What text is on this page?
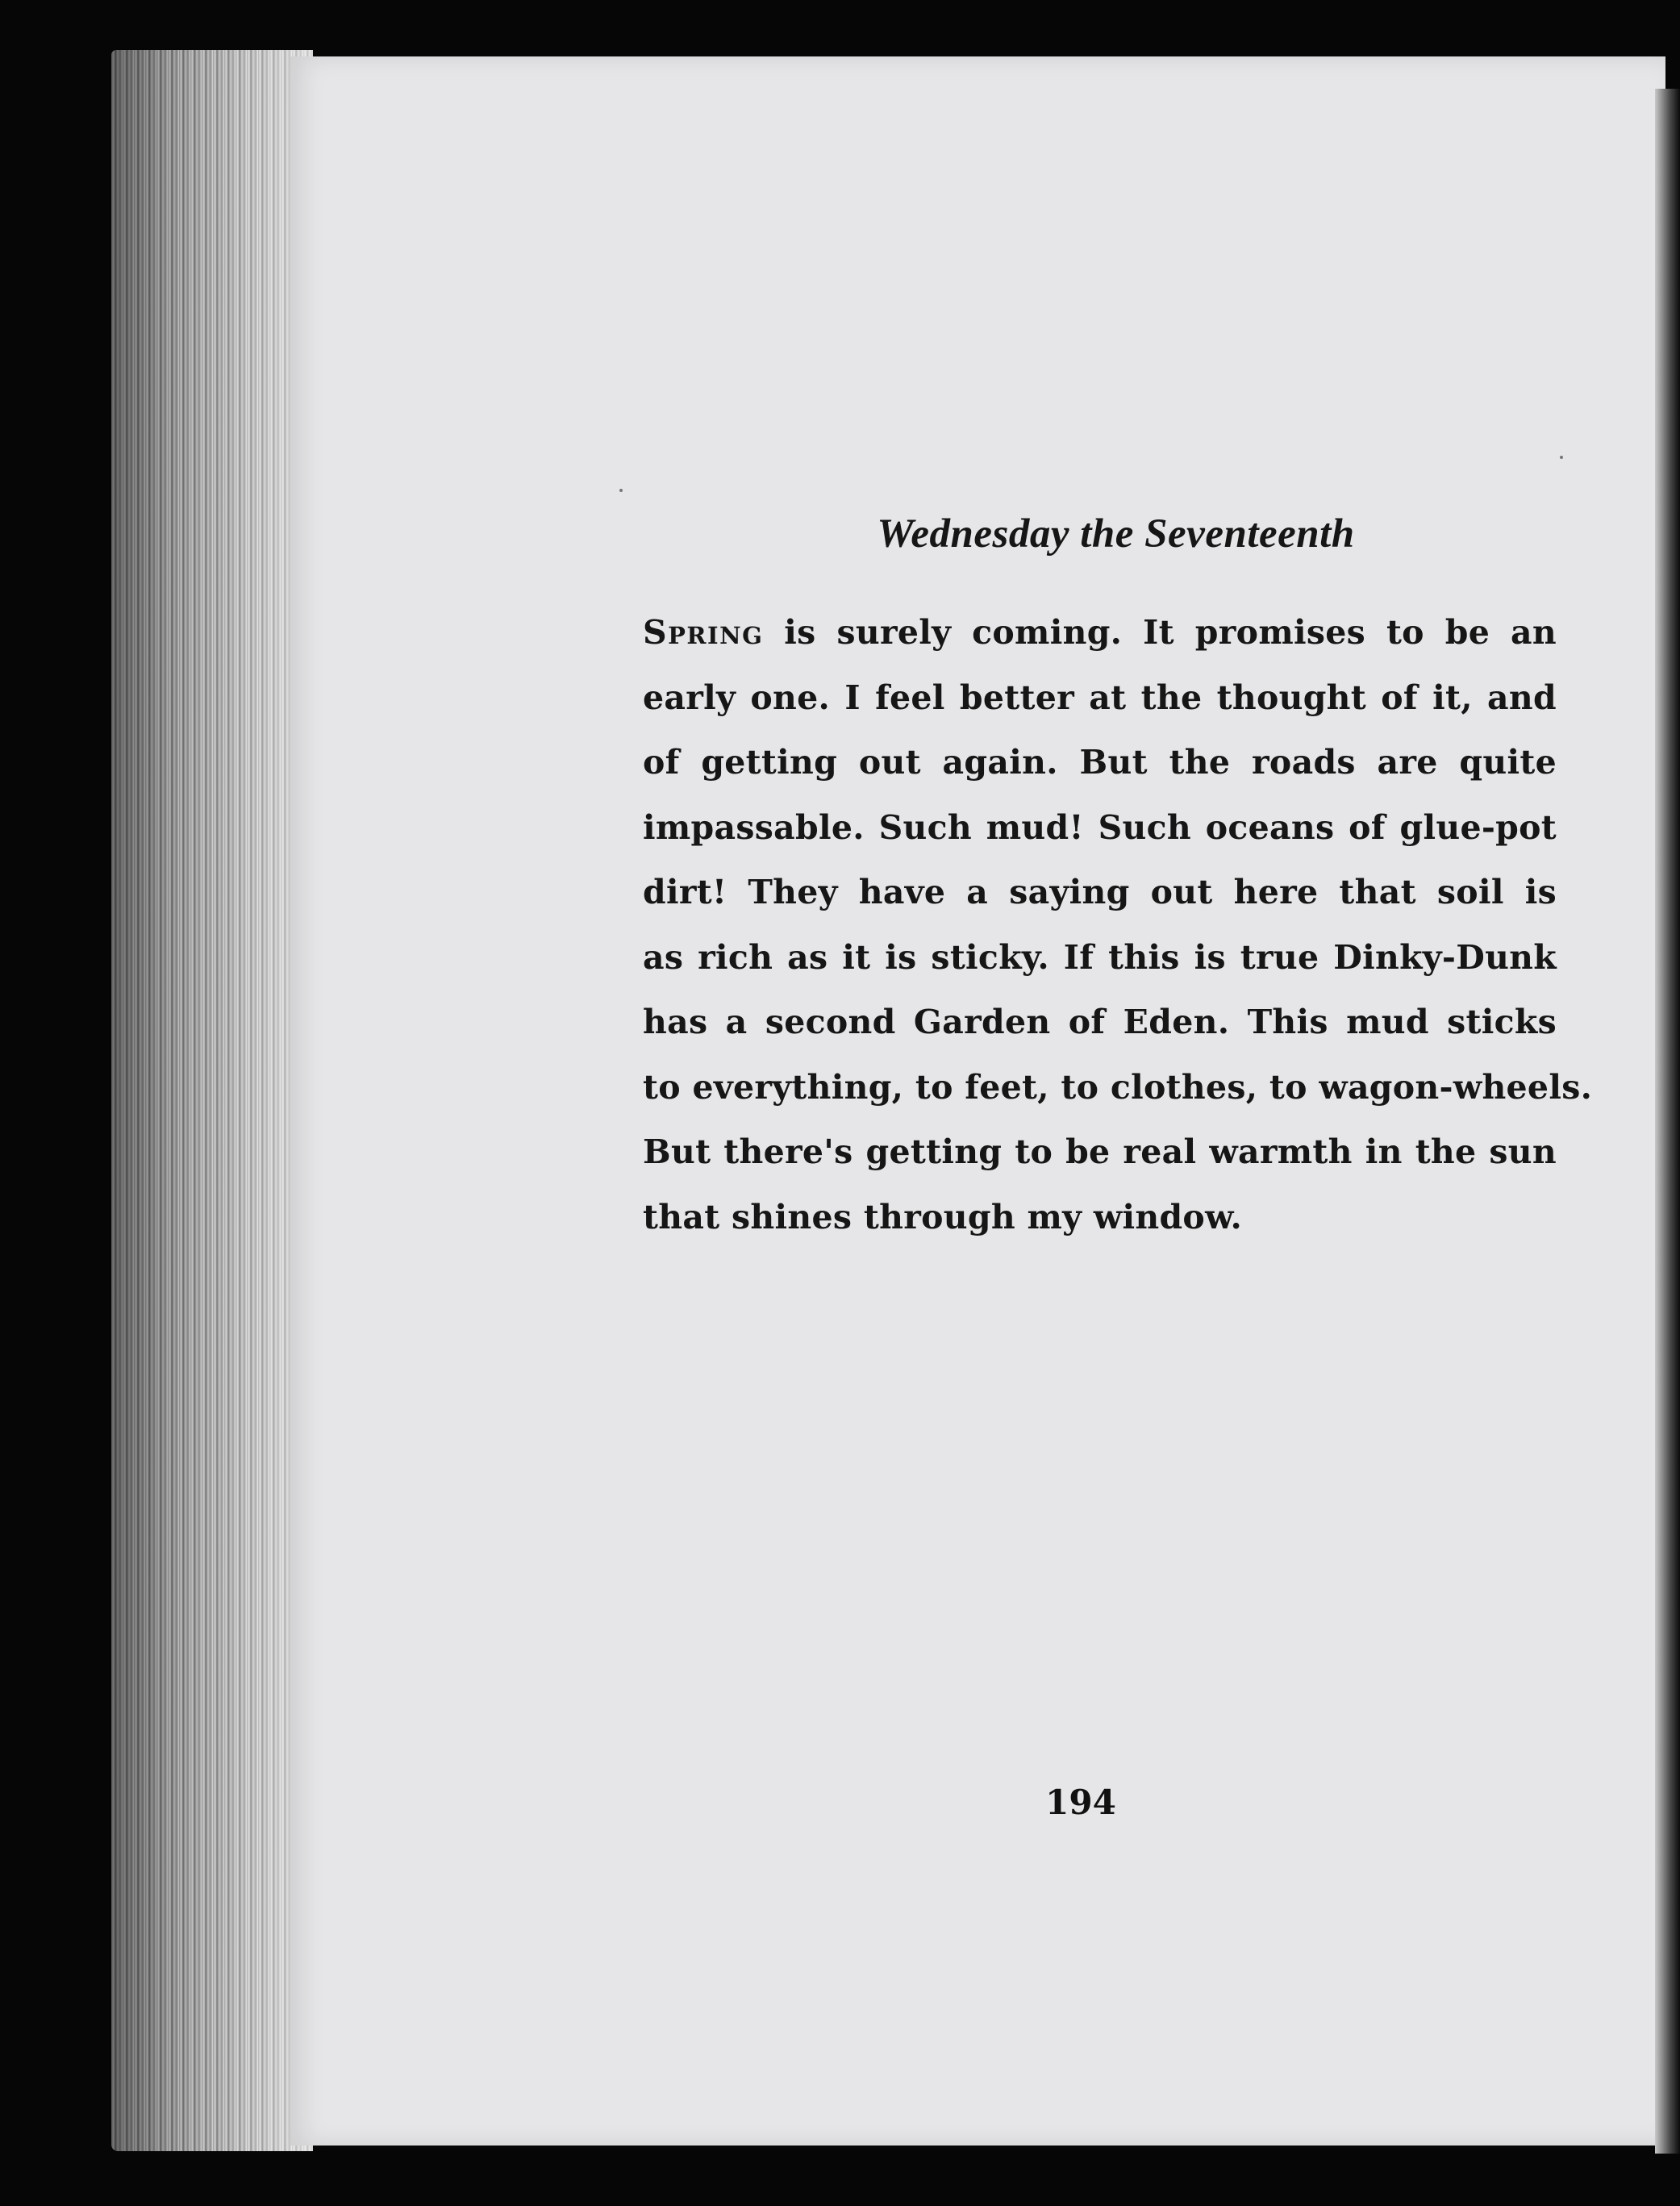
Wednesday the Seventeenth
Spring is surely coming. It promises to be an
early one. I feel better at the thought of it, and
of getting out again. But the roads are quite
impassable. Such mud! Such oceans of glue-pot
dirt! They have a saying out here that soil is
as rich as it is sticky. If this is true Dinky-Dunk
has a second Garden of Eden. This mud sticks
to everything, to feet, to clothes, to wagon-wheels.
But there's getting to be real warmth in the sun
that shines through my window.
194
